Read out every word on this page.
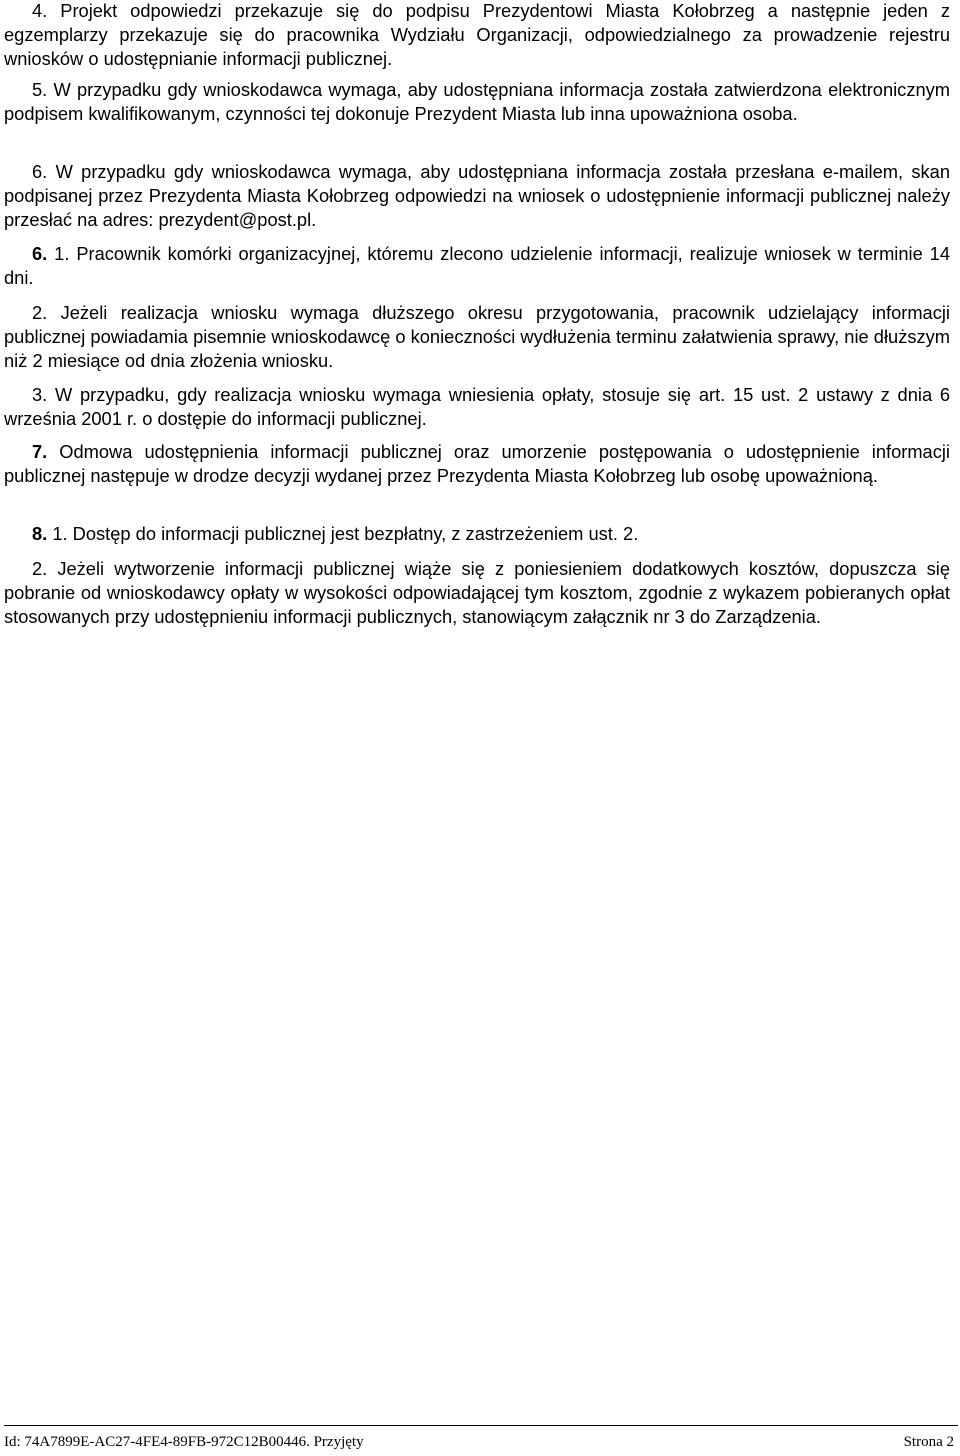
4. Projekt odpowiedzi przekazuje się do podpisu Prezydentowi Miasta Kołobrzeg a następnie jeden z egzemplarzy przekazuje się do pracownika Wydziału Organizacji, odpowiedzialnego za prowadzenie rejestru wniosków o udostępnianie informacji publicznej.

5. W przypadku gdy wnioskodawca wymaga, aby udostępniana informacja została zatwierdzona elektronicznym podpisem kwalifikowanym, czynności tej dokonuje Prezydent Miasta lub inna upoważniona osoba.

6. W przypadku gdy wnioskodawca wymaga, aby udostępniana informacja została przesłana e-mailem, skan podpisanej przez Prezydenta Miasta Kołobrzeg odpowiedzi na wniosek o udostępnienie informacji publicznej należy przesłać na adres: prezydent@post.pl.

6. 1. Pracownik komórki organizacyjnej, któremu zlecono udzielenie informacji, realizuje wniosek w terminie 14 dni.

2. Jeżeli realizacja wniosku wymaga dłuższego okresu przygotowania, pracownik udzielający informacji publicznej powiadamia pisemnie wnioskodawcę o konieczności wydłużenia terminu załatwienia sprawy, nie dłuższym niż 2 miesiące od dnia złożenia wniosku.

3. W przypadku, gdy realizacja wniosku wymaga wniesienia opłaty, stosuje się art. 15 ust. 2 ustawy z dnia 6 września 2001 r. o dostępie do informacji publicznej.

7. Odmowa udostępnienia informacji publicznej oraz umorzenie postępowania o udostępnienie informacji publicznej następuje w drodze decyzji wydanej przez Prezydenta Miasta Kołobrzeg lub osobę upoważnioną.

8. 1. Dostęp do informacji publicznej jest bezpłatny, z zastrzeżeniem ust. 2.

2. Jeżeli wytworzenie informacji publicznej wiąże się z poniesieniem dodatkowych kosztów, dopuszcza się pobranie od wnioskodawcy opłaty w wysokości odpowiadającej tym kosztom, zgodnie z wykazem pobieranych opłat stosowanych przy udostępnieniu informacji publicznych, stanowiącym załącznik nr 3 do Zarządzenia.

Id: 74A7899E-AC27-4FE4-89FB-972C12B00446. Przyjęty	Strona 2
